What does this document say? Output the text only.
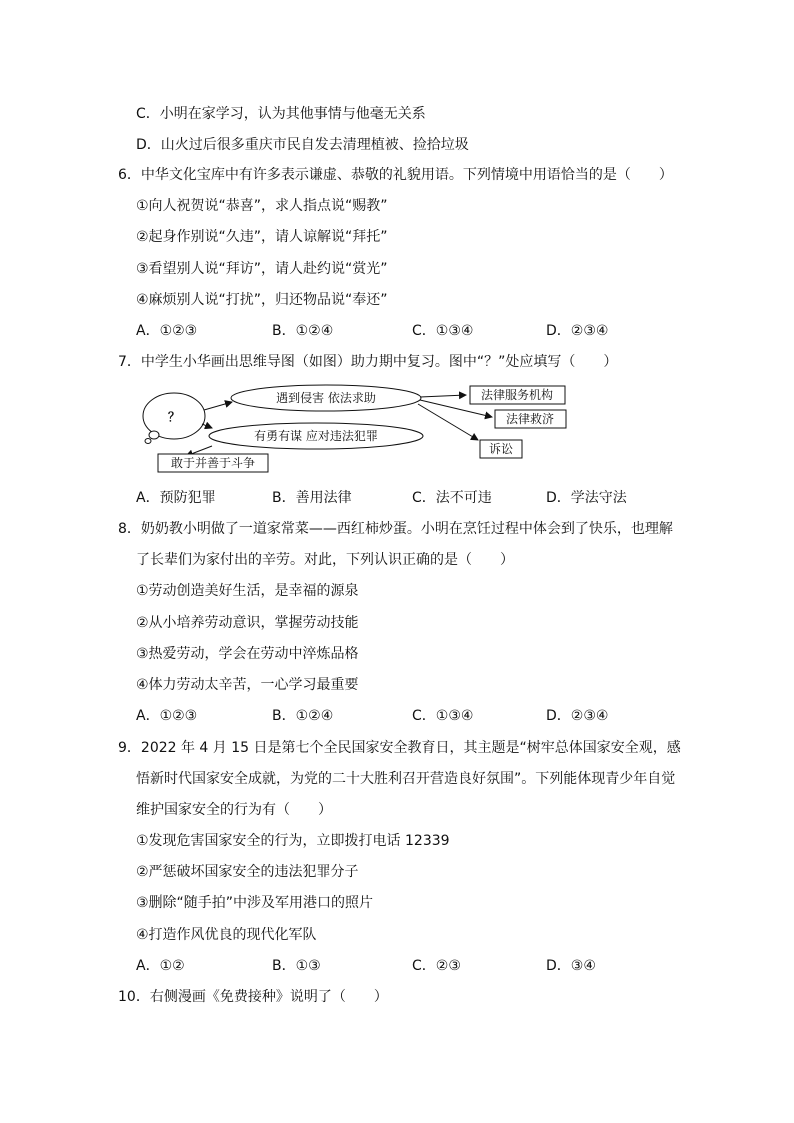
C．小明在家学习，认为其他事情与他毫无关系
D．山火过后很多重庆市民自发去清理植被、捡拾垃圾
6．中华文化宝库中有许多表示谦虚、恭敬的礼貌用语。下列情境中用语恰当的是（　　）
①向人祝贺说“恭喜”，求人指点说“赐教”
②起身作别说“久违”，请人谅解说“拜托”
③看望别人说“拜访”，请人赴约说“赏光”
④麻烦别人说“打扰”，归还物品说“奉还”
A．①②③	B．①②④	C．①③④	D．②③④
7．中学生小华画出思维导图（如图）助力期中复习。图中“？”处应填写（　　）
？
遇到侵害 依法求助
有勇有谋 应对违法犯罪
法律服务机构
法律救济
诉讼
敢于并善于斗争
A．预防犯罪	B．善用法律	C．法不可违	D．学法守法
8．奶奶教小明做了一道家常菜——西红柿炒蛋。小明在烹饪过程中体会到了快乐，也理解
了长辈们为家付出的辛劳。对此，下列认识正确的是（　　）
①劳动创造美好生活，是幸福的源泉
②从小培养劳动意识，掌握劳动技能
③热爱劳动，学会在劳动中淬炼品格
④体力劳动太辛苦，一心学习最重要
A．①②③	B．①②④	C．①③④	D．②③④
9．2022 年 4 月 15 日是第七个全民国家安全教育日，其主题是“树牢总体国家安全观，感
悟新时代国家安全成就，为党的二十大胜利召开营造良好氛围”。下列能体现青少年自觉
维护国家安全的行为有（　　）
①发现危害国家安全的行为，立即拨打电话 12339
②严惩破坏国家安全的违法犯罪分子
③删除“随手拍”中涉及军用港口的照片
④打造作风优良的现代化军队
A．①②	B．①③	C．②③	D．③④
10．右侧漫画《免费接种》说明了（　　）
